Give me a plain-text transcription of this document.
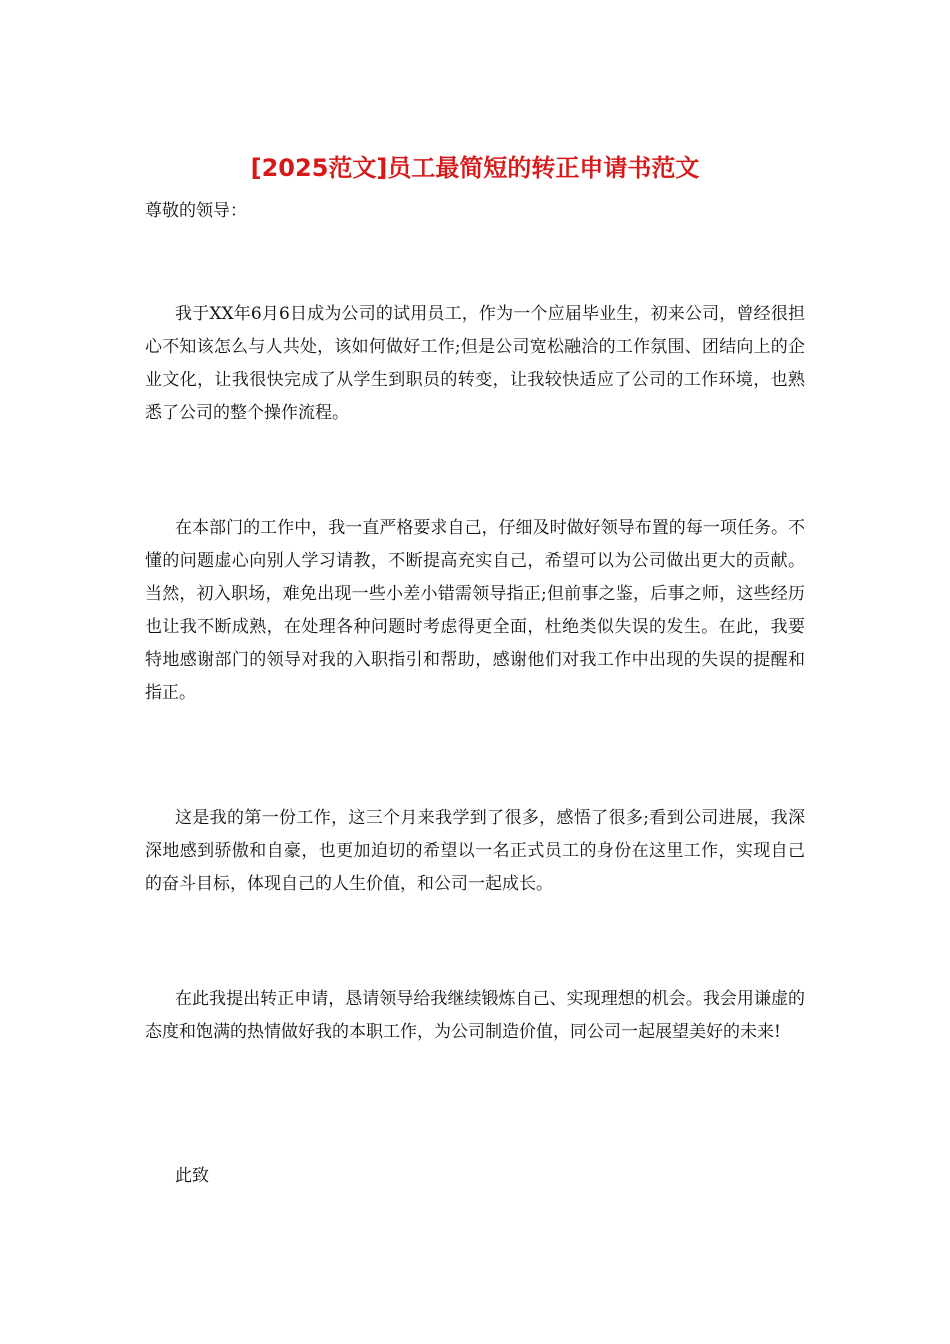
[2025范文]员工最简短的转正申请书范文

尊敬的领导：

我于XX年6月6日成为公司的试用员工，作为一个应届毕业生，初来公司，曾经很担心不知该怎么与人共处，该如何做好工作;但是公司宽松融洽的工作氛围、团结向上的企业文化，让我很快完成了从学生到职员的转变，让我较快适应了公司的工作环境，也熟悉了公司的整个操作流程。

在本部门的工作中，我一直严格要求自己，仔细及时做好领导布置的每一项任务。不懂的问题虚心向别人学习请教，不断提高充实自己，希望可以为公司做出更大的贡献。当然，初入职场，难免出现一些小差小错需领导指正;但前事之鉴，后事之师，这些经历也让我不断成熟，在处理各种问题时考虑得更全面，杜绝类似失误的发生。在此，我要特地感谢部门的领导对我的入职指引和帮助，感谢他们对我工作中出现的失误的提醒和指正。

这是我的第一份工作，这三个月来我学到了很多，感悟了很多;看到公司进展，我深深地感到骄傲和自豪，也更加迫切的希望以一名正式员工的身份在这里工作，实现自己的奋斗目标，体现自己的人生价值，和公司一起成长。

在此我提出转正申请，恳请领导给我继续锻炼自己、实现理想的机会。我会用谦虚的态度和饱满的热情做好我的本职工作，为公司制造价值，同公司一起展望美好的未来!

此致
